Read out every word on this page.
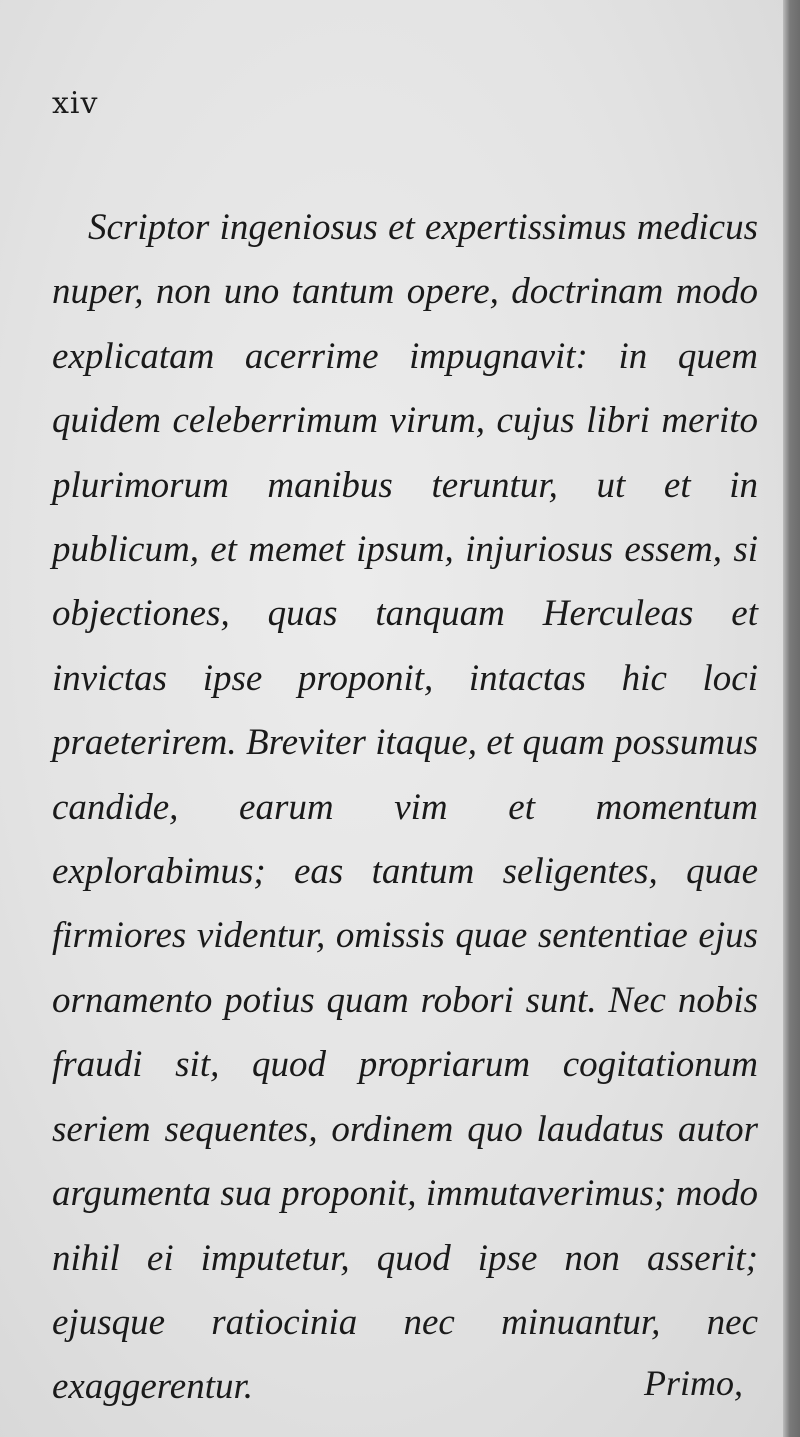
xiv

Scriptor ingeniosus et expertissimus medicus nuper, non uno tantum opere, doctrinam modo explicatam acerrime impugnavit: in quem quidem celeberrimum virum, cujus libri merito plurimorum manibus teruntur, ut et in publicum, et memet ipsum, injuriosus essem, si objectiones, quas tanquam Herculeas et invictas ipse proponit, intactas hic loci praeterirem. Breviter itaque, et quam possumus candide, earum vim et momentum explorabimus; eas tantum seligentes, quae firmiores videntur, omissis quae sententiae ejus ornamento potius quam robori sunt. Nec nobis fraudi sit, quod propriarum cogitationum seriem sequentes, ordinem quo laudatus autor argumenta sua proponit, immutaverimus; modo nihil ei imputetur, quod ipse non asserit; ejusque ratiocinia nec minuantur, nec exaggerentur.	Primo,
